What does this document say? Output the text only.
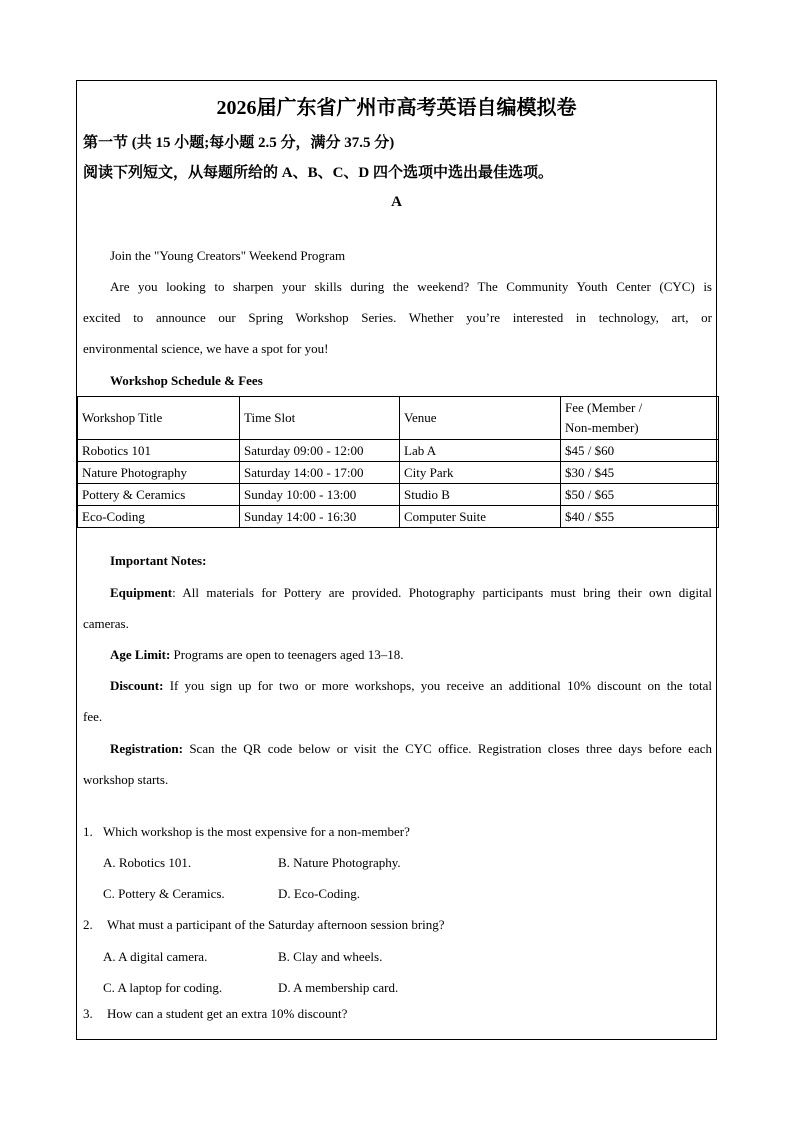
2026届广东省广州市高考英语自编模拟卷
第一节 (共 15 小题;每小题 2.5 分，满分 37.5 分)
阅读下列短文，从每题所给的 A、B、C、D 四个选项中选出最佳选项。
A
Join the "Young Creators" Weekend Program
Are you looking to sharpen your skills during the weekend? The Community Youth Center (CYC) is
excited to announce our Spring Workshop Series. Whether you’re interested in technology, art, or
environmental science, we have a spot for you!
Workshop Schedule & Fees
Workshop Title	Time Slot	Venue	Fee (Member /
Non-member)
Robotics 101	Saturday 09:00 - 12:00	Lab A	$45 / $60
Nature Photography	Saturday 14:00 - 17:00	City Park	$30 / $45
Pottery & Ceramics	Sunday 10:00 - 13:00	Studio B	$50 / $65
Eco-Coding	Sunday 14:00 - 16:30	Computer Suite	$40 / $55
Important Notes:
Equipment: All materials for Pottery are provided. Photography participants must bring their own digital
cameras.
Age Limit: Programs are open to teenagers aged 13–18.
Discount: If you sign up for two or more workshops, you receive an additional 10% discount on the total
fee.
Registration: Scan the QR code below or visit the CYC office. Registration closes three days before each
workshop starts.
1. Which workshop is the most expensive for a non-member?
A. Robotics 101.	B. Nature Photography.
C. Pottery & Ceramics.	D. Eco-Coding.
2. What must a participant of the Saturday afternoon session bring?
A. A digital camera.	B. Clay and wheels.
C. A laptop for coding.	D. A membership card.
3. How can a student get an extra 10% discount?
